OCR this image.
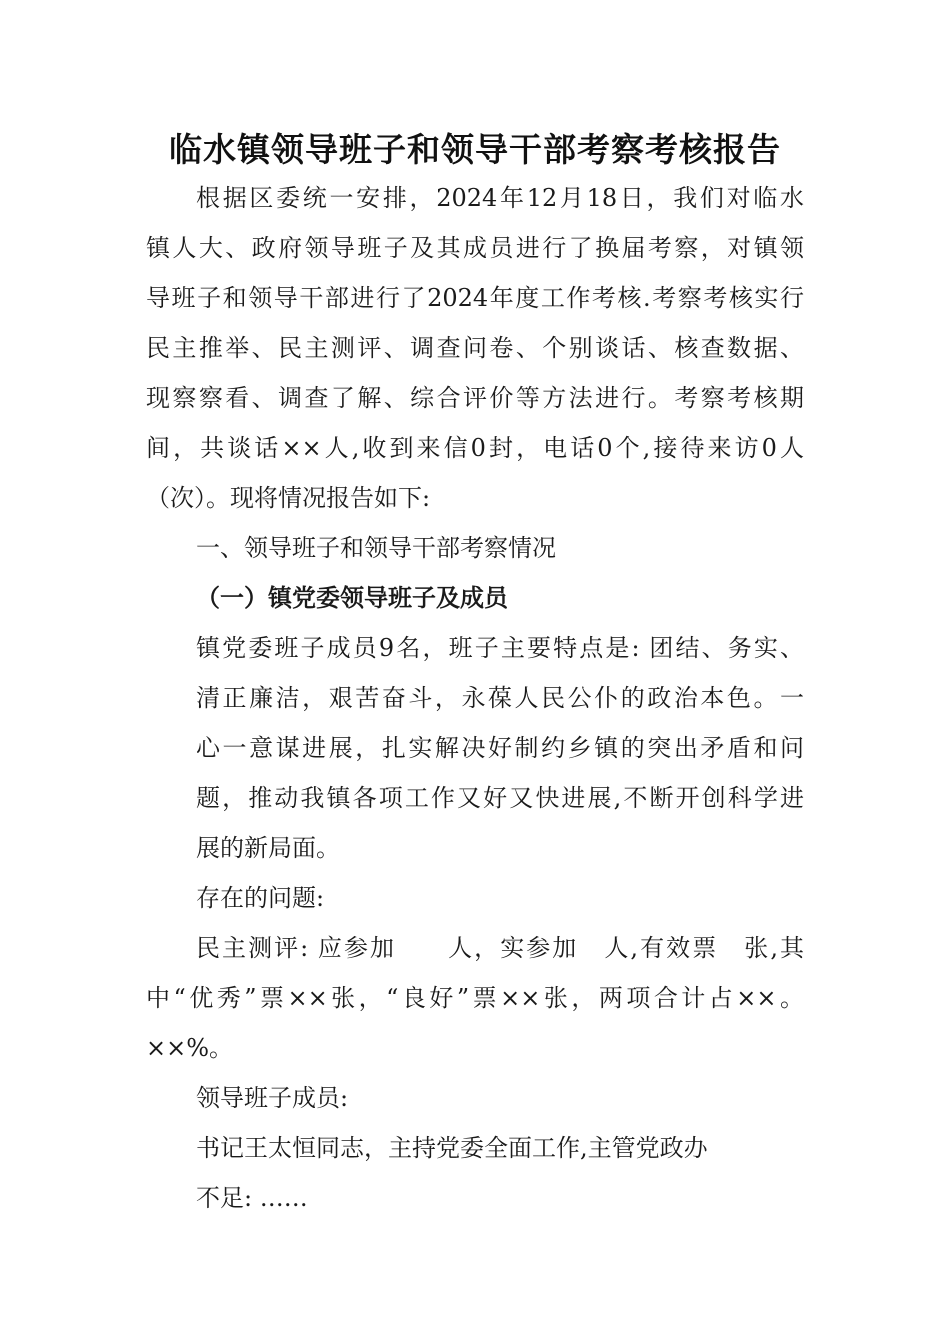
临水镇领导班子和领导干部考察考核报告
根据区委统一安排，2024年12月18日，我们对临水
镇人大、政府领导班子及其成员进行了换届考察，对镇领
导班子和领导干部进行了2024年度工作考核.考察考核实行
民主推举、民主测评、调查问卷、个别谈话、核查数据、
现察察看、调查了解、综合评价等方法进行。考察考核期
间，共谈话××人,收到来信0封，电话0个,接待来访0人
（次）。现将情况报告如下:
一、领导班子和领导干部考察情况
（一）镇党委领导班子及成员
镇党委班子成员9名，班子主要特点是: 团结、务实、
清正廉洁，艰苦奋斗，永葆人民公仆的政治本色。一
心一意谋进展，扎实解决好制约乡镇的突出矛盾和问
题，推动我镇各项工作又好又快进展,不断开创科学进
展的新局面。
存在的问题:
民主测评: 应参加　　人，实参加　人,有效票　张,其
中“优秀”票××张，“良好”票××张，两项合计占××。
××%。
领导班子成员:
书记王太恒同志，主持党委全面工作,主管党政办
不足: ……
